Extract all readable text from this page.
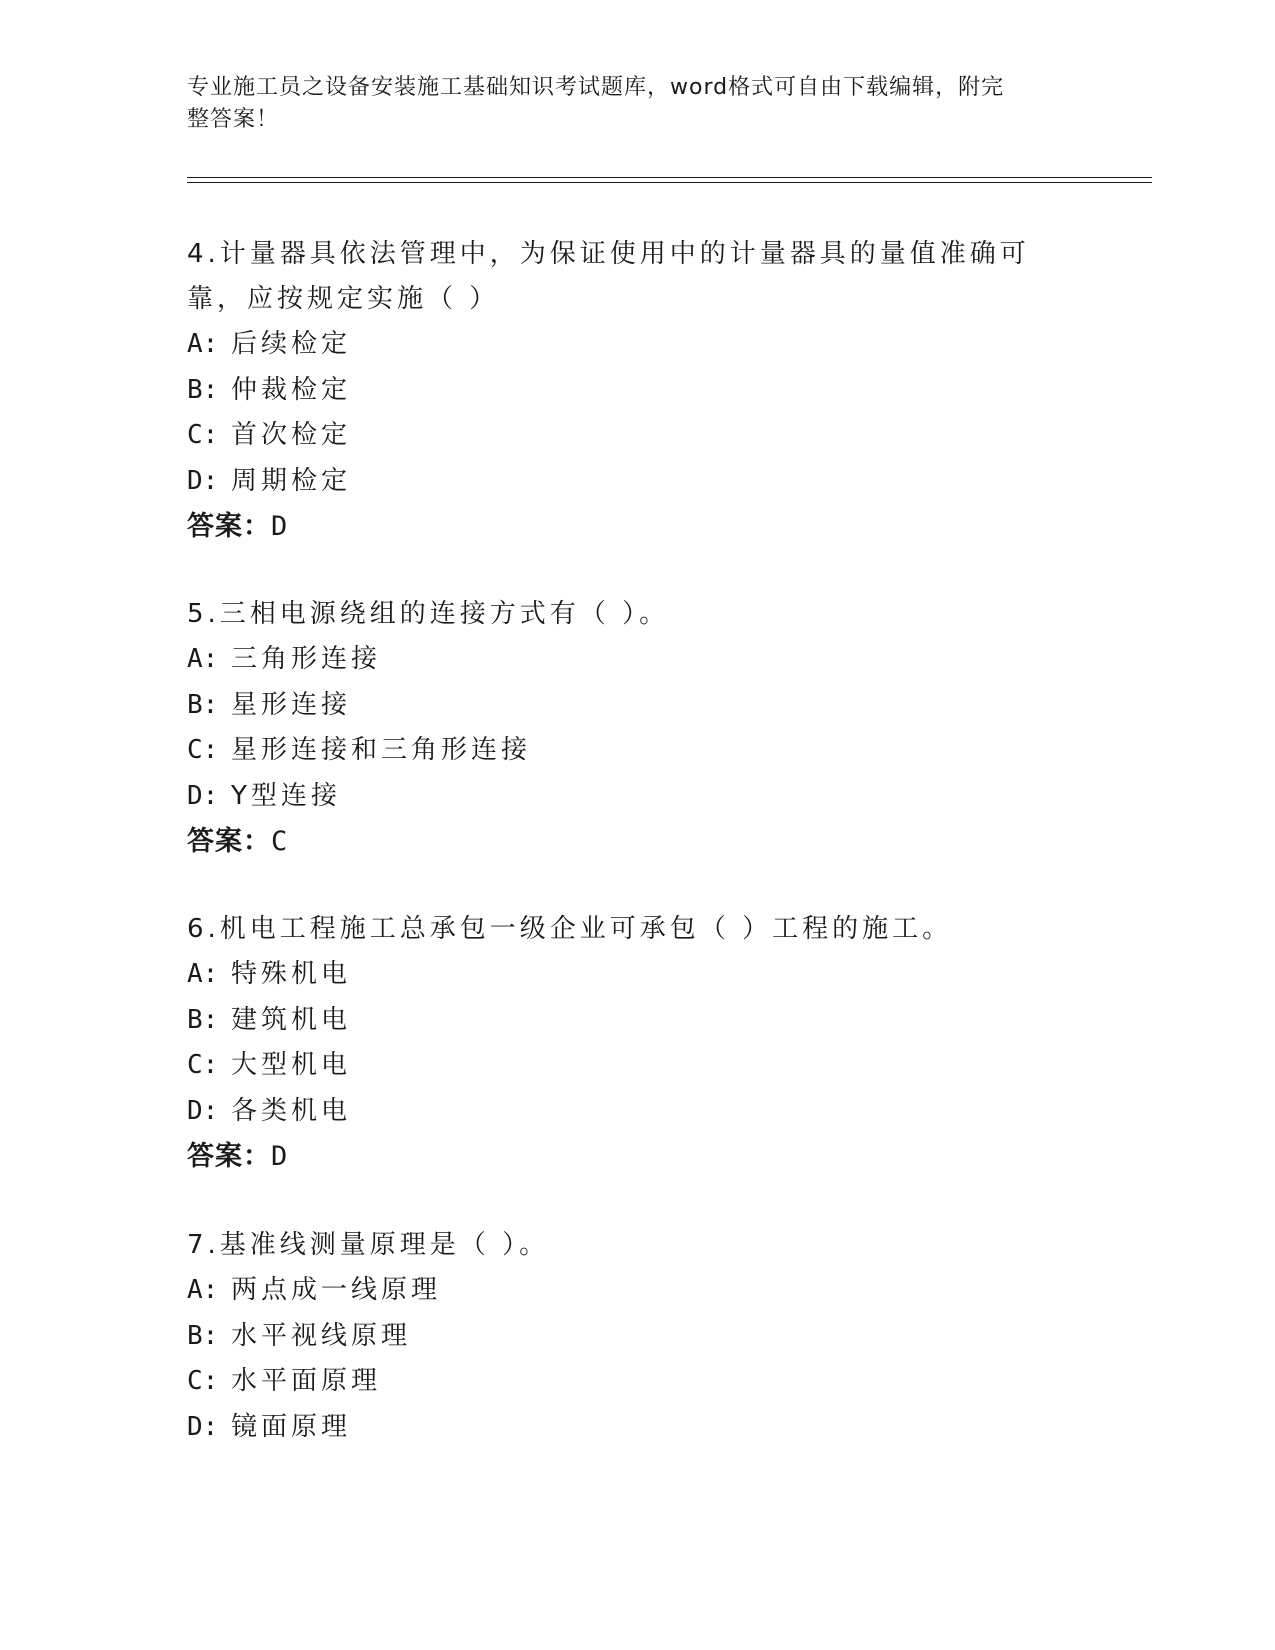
专业施工员之设备安装施工基础知识考试题库，word格式可自由下载编辑，附完
整答案！

4.计量器具依法管理中，为保证使用中的计量器具的量值准确可靠，应按规定实施（ ）

A: 后续检定

B: 仲裁检定

C: 首次检定

D: 周期检定

答案：D

5.三相电源绕组的连接方式有（ ）。

A: 三角形连接

B: 星形连接

C: 星形连接和三角形连接

D: Y型连接

答案：C

6.机电工程施工总承包一级企业可承包（ ）工程的施工。

A: 特殊机电

B: 建筑机电

C: 大型机电

D: 各类机电

答案：D

7.基准线测量原理是（ ）。

A: 两点成一线原理

B: 水平视线原理

C: 水平面原理

D: 镜面原理
